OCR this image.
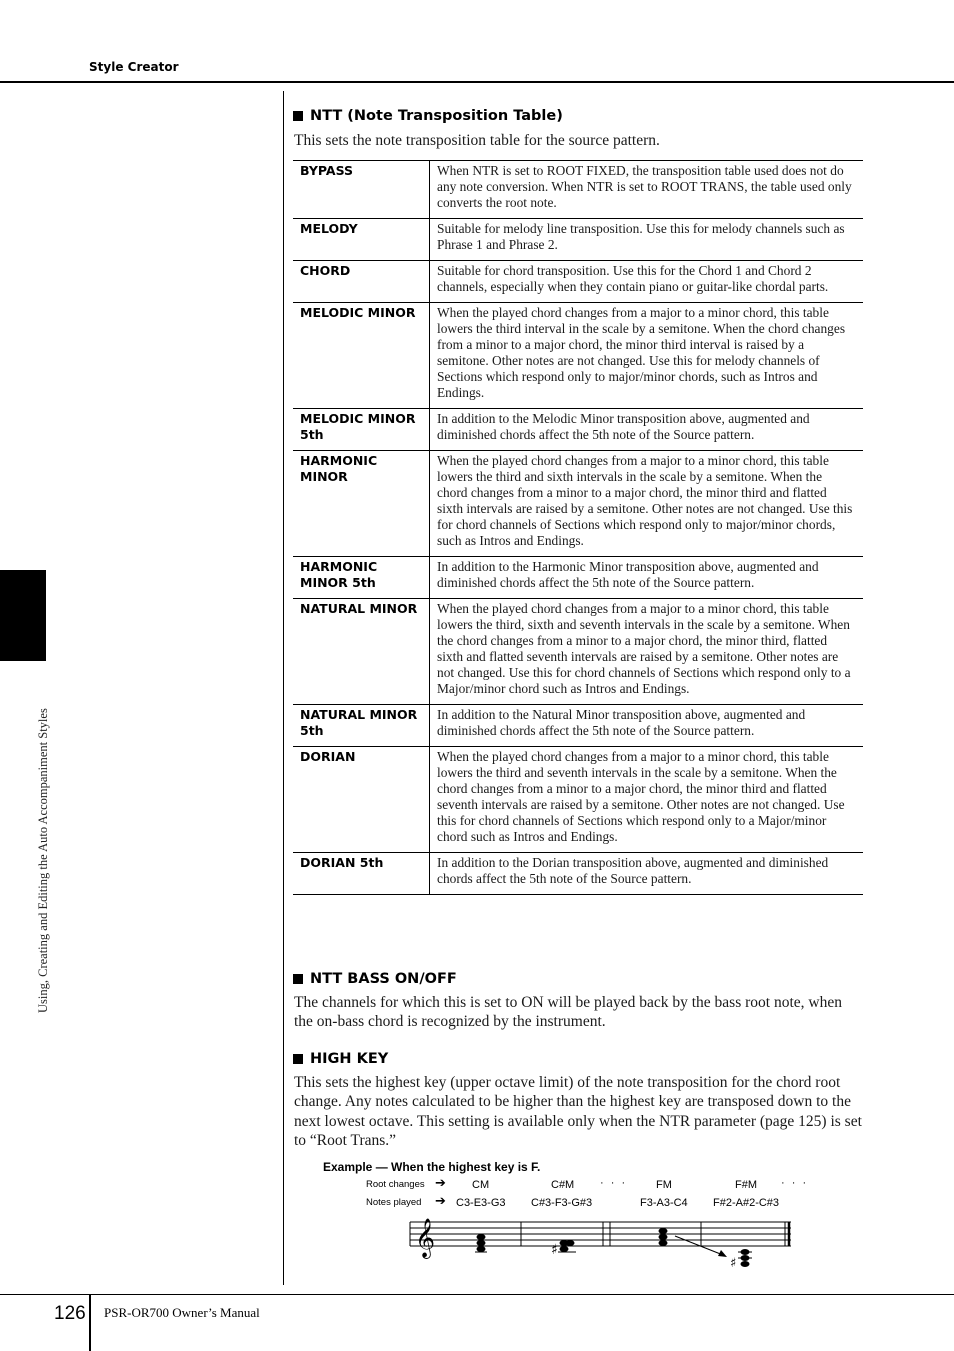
Style Creator
Using, Creating and Editing the Auto Accompaniment Styles
NTT (Note Transposition Table)
This sets the note transposition table for the source pattern.
BYPASS	When NTR is set to ROOT FIXED, the transposition table used does not do any note conversion. When NTR is set to ROOT TRANS, the table used only converts the root note.
MELODY	Suitable for melody line transposition. Use this for melody channels such as Phrase 1 and Phrase 2.
CHORD	Suitable for chord transposition. Use this for the Chord 1 and Chord 2 channels, especially when they contain piano or guitar-like chordal parts.
MELODIC MINOR	When the played chord changes from a major to a minor chord, this table lowers the third interval in the scale by a semitone. When the chord changes from a minor to a major chord, the minor third interval is raised by a semitone. Other notes are not changed. Use this for melody channels of Sections which respond only to major/minor chords, such as Intros and Endings.
MELODIC MINOR 5th	In addition to the Melodic Minor transposition above, augmented and diminished chords affect the 5th note of the Source pattern.
HARMONIC MINOR	When the played chord changes from a major to a minor chord, this table lowers the third and sixth intervals in the scale by a semitone. When the chord changes from a minor to a major chord, the minor third and flatted sixth intervals are raised by a semitone. Other notes are not changed. Use this for chord channels of Sections which respond only to major/minor chords, such as Intros and Endings.
HARMONIC MINOR 5th	In addition to the Harmonic Minor transposition above, augmented and diminished chords affect the 5th note of the Source pattern.
NATURAL MINOR	When the played chord changes from a major to a minor chord, this table lowers the third, sixth and seventh intervals in the scale by a semitone. When the chord changes from a minor to a major chord, the minor third, flatted sixth and flatted seventh intervals are raised by a semitone. Other notes are not changed. Use this for chord channels of Sections which respond only to a Major/minor chord such as Intros and Endings.
NATURAL MINOR 5th	In addition to the Natural Minor transposition above, augmented and diminished chords affect the 5th note of the Source pattern.
DORIAN	When the played chord changes from a major to a minor chord, this table lowers the third and seventh intervals in the scale by a semitone. When the chord changes from a minor to a major chord, the minor third and flatted seventh intervals are raised by a semitone. Other notes are not changed. Use this for chord channels of Sections which respond only to a Major/minor chord such as Intros and Endings.
DORIAN 5th	In addition to the Dorian transposition above, augmented and diminished chords affect the 5th note of the Source pattern.
NTT BASS ON/OFF
The channels for which this is set to ON will be played back by the bass root note, when the on-bass chord is recognized by the instrument.
HIGH KEY
This sets the highest key (upper octave limit) of the note transposition for the chord root change. Any notes calculated to be higher than the highest key are transposed down to the next lowest octave. This setting is available only when the NTR parameter (page 125) is set to “Root Trans.”
Example — When the highest key is F.
Root changes
Notes played
➔
➔
CM	C#M · · ·	FM	F#M · · ·
C3-E3-G3 C#3-F3-G#3	F3-A3-C4 F#2-A#2-C#3
𝄞	♯
♯
126 PSR-OR700 Owner’s Manual
